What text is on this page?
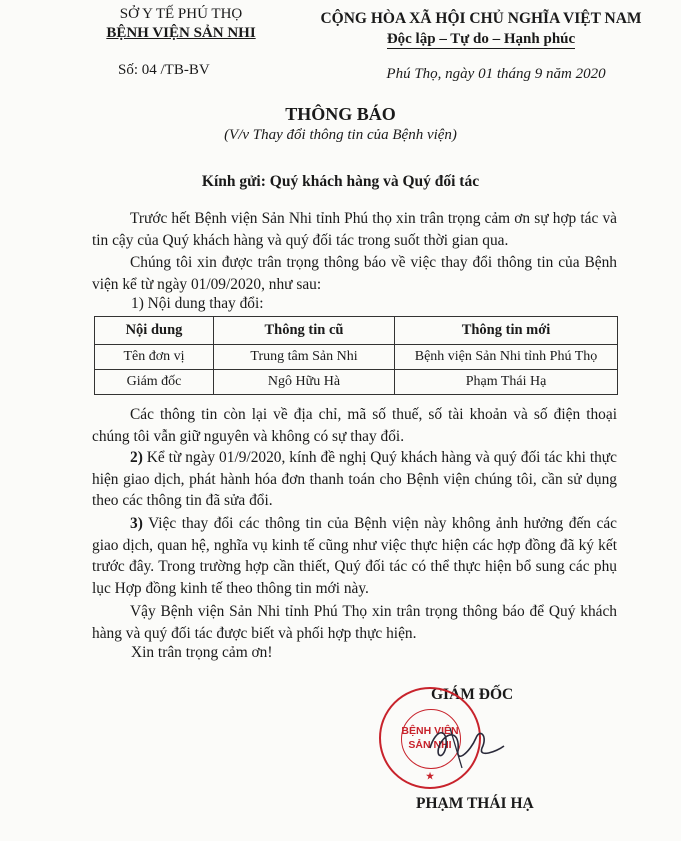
SỞ Y TẾ PHÚ THỌ
BỆNH VIỆN SẢN NHI
Số: 04 /TB-BV
CỘNG HÒA XÃ HỘI CHỦ NGHĨA VIỆT NAM
Độc lập – Tự do – Hạnh phúc
Phú Thọ, ngày 01 tháng 9 năm 2020
THÔNG BÁO
(V/v Thay đổi thông tin của Bệnh viện)
Kính gửi: Quý khách hàng và Quý đối tác
Trước hết Bệnh viện Sản Nhi tỉnh Phú thọ xin trân trọng cảm ơn sự hợp tác và tin cậy của Quý khách hàng và quý đối tác trong suốt thời gian qua.
Chúng tôi xin được trân trọng thông báo về việc thay đổi thông tin của Bệnh viện kể từ ngày 01/09/2020, như sau:
1) Nội dung thay đổi:
Nội dung	Thông tin cũ	Thông tin mới
Tên đơn vị	Trung tâm Sản Nhi	Bệnh viện Sản Nhi tỉnh Phú Thọ
Giám đốc	Ngô Hữu Hà	Phạm Thái Hạ
Các thông tin còn lại về địa chỉ, mã số thuế, số tài khoản và số điện thoại chúng tôi vẫn giữ nguyên và không có sự thay đổi.
2) Kể từ ngày 01/9/2020, kính đề nghị Quý khách hàng và quý đối tác khi thực hiện giao dịch, phát hành hóa đơn thanh toán cho Bệnh viện chúng tôi, cần sử dụng theo các thông tin đã sửa đổi.
3) Việc thay đổi các thông tin của Bệnh viện này không ảnh hưởng đến các giao dịch, quan hệ, nghĩa vụ kinh tế cũng như việc thực hiện các hợp đồng đã ký kết trước đây. Trong trường hợp cần thiết, Quý đối tác có thể thực hiện bổ sung các phụ lục Hợp đồng kinh tế theo thông tin mới này.
Vậy Bệnh viện Sản Nhi tỉnh Phú Thọ xin trân trọng thông báo để Quý khách hàng và quý đối tác được biết và phối hợp thực hiện.
Xin trân trọng cảm ơn!
GIÁM ĐỐC
BỆNH VIỆN
SẢN NHI
★
PHẠM THÁI HẠ
